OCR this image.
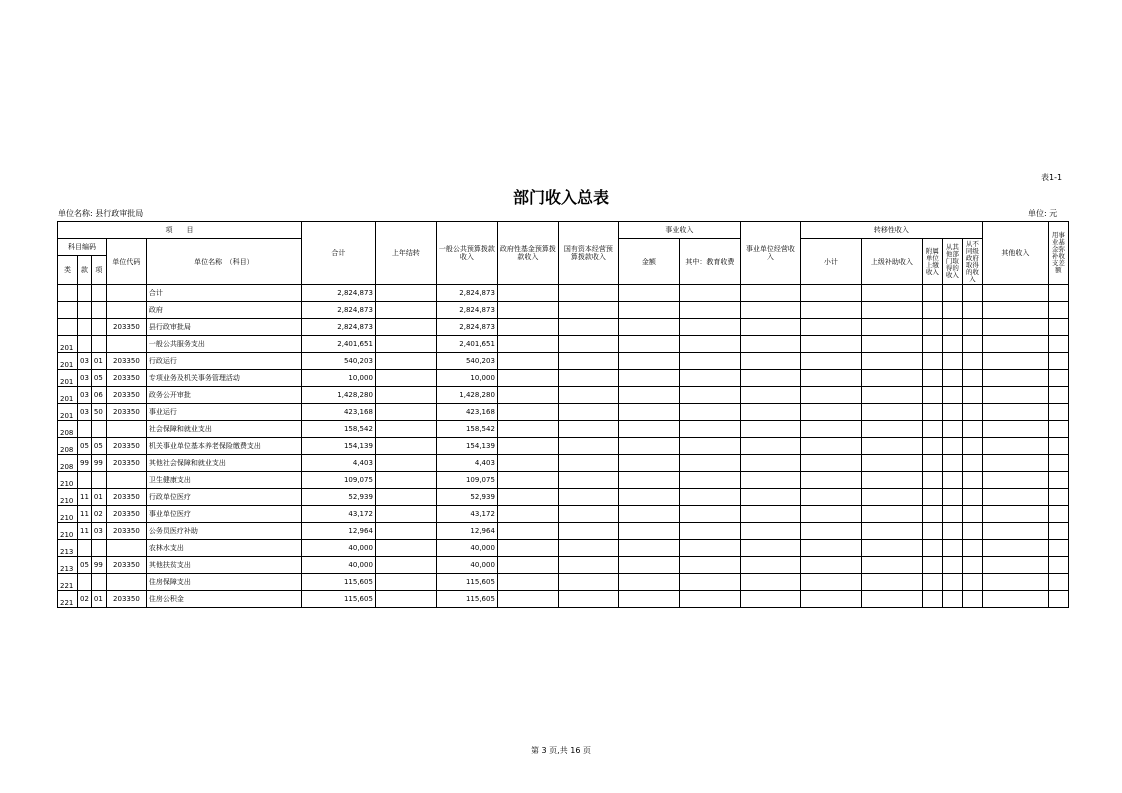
表1-1
部门收入总表
单位名称: 县行政审批局	单位: 元
项　　目					合计	上年结转	一般公共预算拨款收入	政府性基金预算拨款收入	国有资本经营预算拨款收入	事业收入		事业单位经营收入	转移性收入					其他收入	用事业基金弥补收支差额
科目编码			单位代码	单位名称　（科目）						金额	其中：教育收费		小计	上级补助收入	附属单位上缴收入	从其他部门取得的收入	从不同级政府取得的收入		
类	款	项																	
				合计	2,824,873		2,824,873												
				政府	2,824,873		2,824,873												
			203350	县行政审批局	2,824,873		2,824,873												
201				一般公共服务支出	2,401,651		2,401,651												
201	03	01	203350	行政运行	540,203		540,203												
201	03	05	203350	专项业务及机关事务管理活动	10,000		10,000												
201	03	06	203350	政务公开审批	1,428,280		1,428,280												
201	03	50	203350	事业运行	423,168		423,168												
208				社会保障和就业支出	158,542		158,542												
208	05	05	203350	机关事业单位基本养老保险缴费支出	154,139		154,139												
208	99	99	203350	其他社会保障和就业支出	4,403		4,403												
210				卫生健康支出	109,075		109,075												
210	11	01	203350	行政单位医疗	52,939		52,939												
210	11	02	203350	事业单位医疗	43,172		43,172												
210	11	03	203350	公务员医疗补助	12,964		12,964												
213				农林水支出	40,000		40,000												
213	05	99	203350	其他扶贫支出	40,000		40,000												
221				住房保障支出	115,605		115,605												
221	02	01	203350	住房公积金	115,605		115,605												
第 3 页,共 16 页
